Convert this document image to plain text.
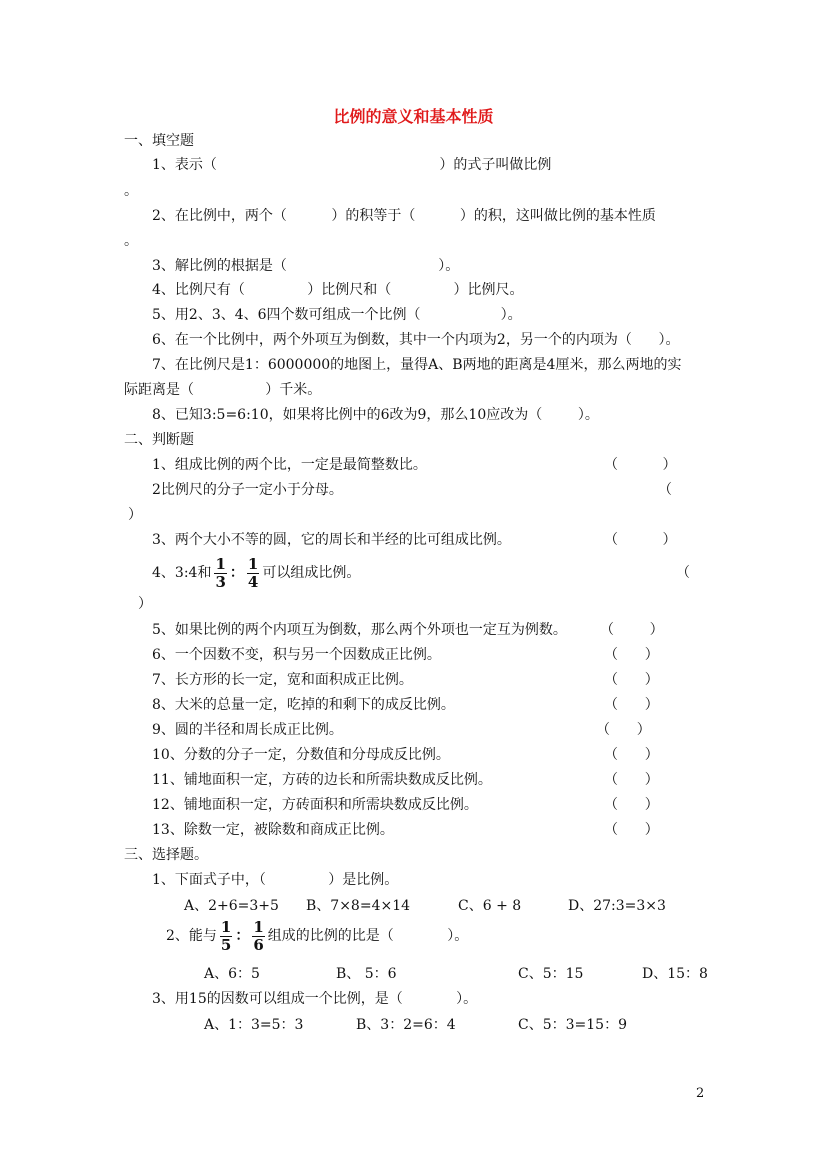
比例的意义和基本性质
一、填空题
1、表示（                                                  ）的式子叫做比例
。
2、在比例中，两个（          ）的积等于（          ）的积，这叫做比例的基本性质
。
3、解比例的根据是（                                  ）。
4、比例尺有（              ）比例尺和（              ）比例尺。
5、用2、3、4、6四个数可组成一个比例（                  ）。
6、在一个比例中，两个外项互为倒数，其中一个内项为2，另一个的内项为（      ）。
7、在比例尺是1：6000000的地图上，量得A、B两地的距离是4厘米，那么两地的实
际距离是（                ）千米。
8、已知3:5=6:10，如果将比例中的6改为9，那么10应改为（        ）。
二、判断题
1、组成比例的两个比，一定是最简整数比。	（          ）
2比例尺的分子一定小于分母。	（
）
3、两个大小不等的圆，它的周长和半经的比可组成比例。	（          ）
4、3:4和 $\frac{1}{3}$ ： $\frac{1}{4}$ 可以组成比例。	（
）
5、如果比例的两个内项互为倒数，那么两个外项也一定互为例数。 （        ）
6、一个因数不变，积与另一个因数成正比例。	（      ）
7、长方形的长一定，宽和面积成正比例。	（      ）
8、大米的总量一定，吃掉的和剩下的成反比例。	（      ）
9、圆的半径和周长成正比例。	（      ）
10、分数的分子一定，分数值和分母成反比例。	（      ）
11、铺地面积一定，方砖的边长和所需块数成反比例。	（      ）
12、铺地面积一定，方砖面积和所需块数成反比例。	（      ）
13、除数一定，被除数和商成正比例。	（      ）
三、选择题。
1、下面式子中，（              ）是比例。
A、2+6=3+5 B、7×8=4×14	C、6 + 8	D、27:3=3×3
2、能与 $\frac{1}{5}$ ： $\frac{1}{6}$ 组成的比例的比是（            ）。
A、6：5	B、 5：6	C、5：15	D、15：8
3、用15的因数可以组成一个比例，是（            ）。
A、1：3=5：3	B、3：2=6：4	C、5：3=15：9
2
